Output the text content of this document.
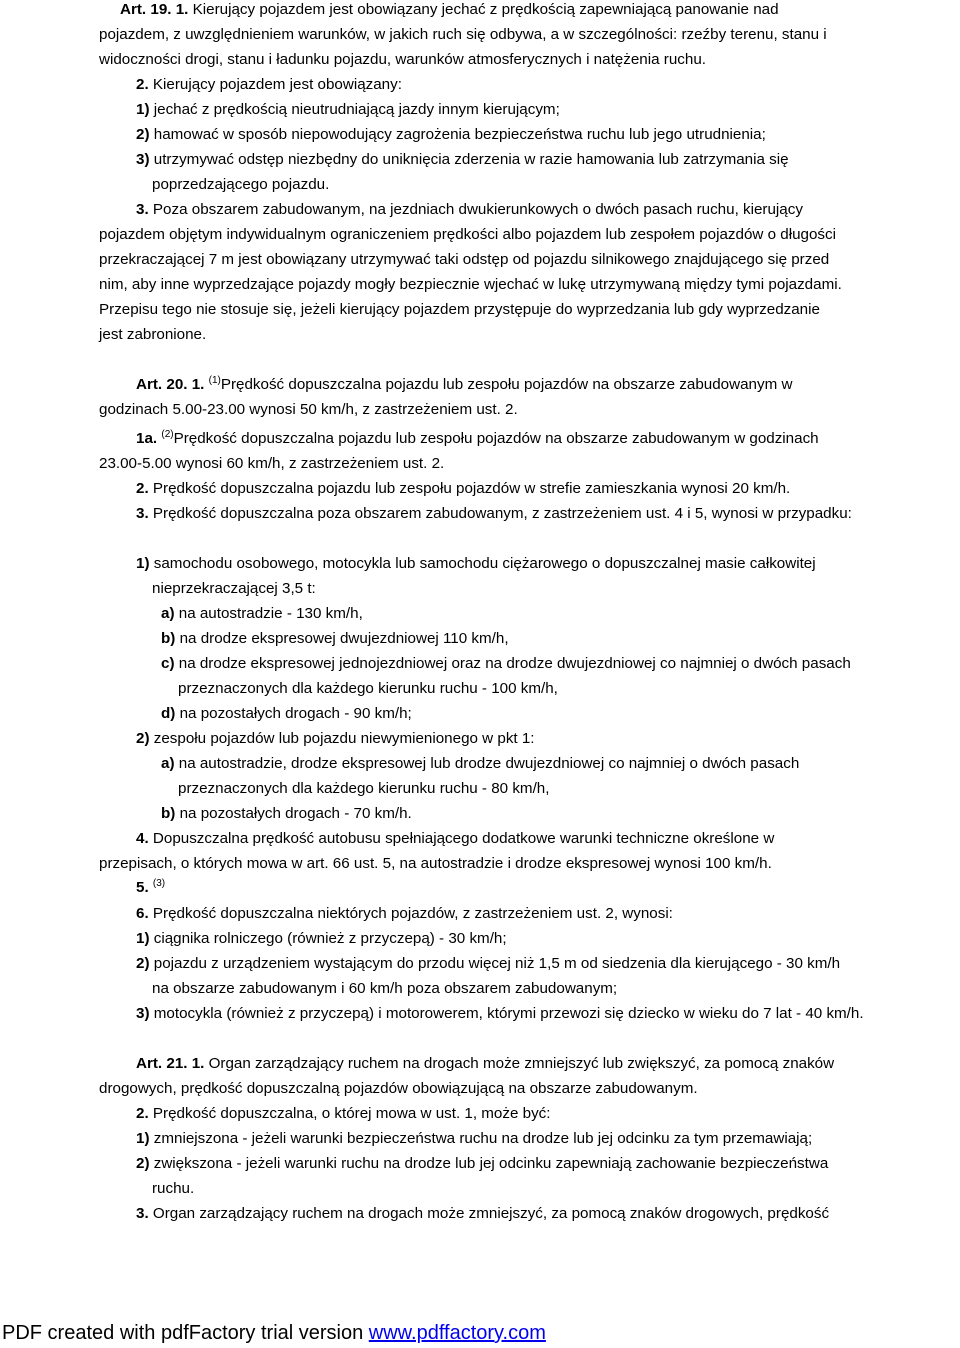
Art. 19. 1. Kierujący pojazdem jest obowiązany jechać z prędkością zapewniającą panowanie nad
pojazdem, z uwzględnieniem warunków, w jakich ruch się odbywa, a w szczególności: rzeźby terenu, stanu i
widoczności drogi, stanu i ładunku pojazdu, warunków atmosferycznych i natężenia ruchu.
2. Kierujący pojazdem jest obowiązany:
1) jechać z prędkością nieutrudniającą jazdy innym kierującym;
2) hamować w sposób niepowodujący zagrożenia bezpieczeństwa ruchu lub jego utrudnienia;
3) utrzymywać odstęp niezbędny do uniknięcia zderzenia w razie hamowania lub zatrzymania się
poprzedzającego pojazdu.
3. Poza obszarem zabudowanym, na jezdniach dwukierunkowych o dwóch pasach ruchu, kierujący
pojazdem objętym indywidualnym ograniczeniem prędkości albo pojazdem lub zespołem pojazdów o długości
przekraczającej 7 m jest obowiązany utrzymywać taki odstęp od pojazdu silnikowego znajdującego się przed
nim, aby inne wyprzedzające pojazdy mogły bezpiecznie wjechać w lukę utrzymywaną między tymi pojazdami.
Przepisu tego nie stosuje się, jeżeli kierujący pojazdem przystępuje do wyprzedzania lub gdy wyprzedzanie
jest zabronione.
Art. 20. 1. $^{(1)}$Prędkość dopuszczalna pojazdu lub zespołu pojazdów na obszarze zabudowanym w
godzinach 5.00-23.00 wynosi 50 km/h, z zastrzeżeniem ust. 2.
1a. $^{(2)}$Prędkość dopuszczalna pojazdu lub zespołu pojazdów na obszarze zabudowanym w godzinach
23.00-5.00 wynosi 60 km/h, z zastrzeżeniem ust. 2.
2. Prędkość dopuszczalna pojazdu lub zespołu pojazdów w strefie zamieszkania wynosi 20 km/h.
3. Prędkość dopuszczalna poza obszarem zabudowanym, z zastrzeżeniem ust. 4 i 5, wynosi w przypadku:
1) samochodu osobowego, motocykla lub samochodu ciężarowego o dopuszczalnej masie całkowitej
nieprzekraczającej 3,5 t:
a) na autostradzie - 130 km/h,
b) na drodze ekspresowej dwujezdniowej 110 km/h,
c) na drodze ekspresowej jednojezdniowej oraz na drodze dwujezdniowej co najmniej o dwóch pasach
przeznaczonych dla każdego kierunku ruchu - 100 km/h,
d) na pozostałych drogach - 90 km/h;
2) zespołu pojazdów lub pojazdu niewymienionego w pkt 1:
a) na autostradzie, drodze ekspresowej lub drodze dwujezdniowej co najmniej o dwóch pasach
przeznaczonych dla każdego kierunku ruchu - 80 km/h,
b) na pozostałych drogach - 70 km/h.
4. Dopuszczalna prędkość autobusu spełniającego dodatkowe warunki techniczne określone w
przepisach, o których mowa w art. 66 ust. 5, na autostradzie i drodze ekspresowej wynosi 100 km/h.
5. $^{(3)}$
6. Prędkość dopuszczalna niektórych pojazdów, z zastrzeżeniem ust. 2, wynosi:
1) ciągnika rolniczego (również z przyczepą) - 30 km/h;
2) pojazdu z urządzeniem wystającym do przodu więcej niż 1,5 m od siedzenia dla kierującego - 30 km/h
na obszarze zabudowanym i 60 km/h poza obszarem zabudowanym;
3) motocykla (również z przyczepą) i motorowerem, którymi przewozi się dziecko w wieku do 7 lat - 40 km/h.
Art. 21. 1. Organ zarządzający ruchem na drogach może zmniejszyć lub zwiększyć, za pomocą znaków
drogowych, prędkość dopuszczalną pojazdów obowiązującą na obszarze zabudowanym.
2. Prędkość dopuszczalna, o której mowa w ust. 1, może być:
1) zmniejszona - jeżeli warunki bezpieczeństwa ruchu na drodze lub jej odcinku za tym przemawiają;
2) zwiększona - jeżeli warunki ruchu na drodze lub jej odcinku zapewniają zachowanie bezpieczeństwa
ruchu.
3. Organ zarządzający ruchem na drogach może zmniejszyć, za pomocą znaków drogowych, prędkość
PDF created with pdfFactory trial version www.pdffactory.com
